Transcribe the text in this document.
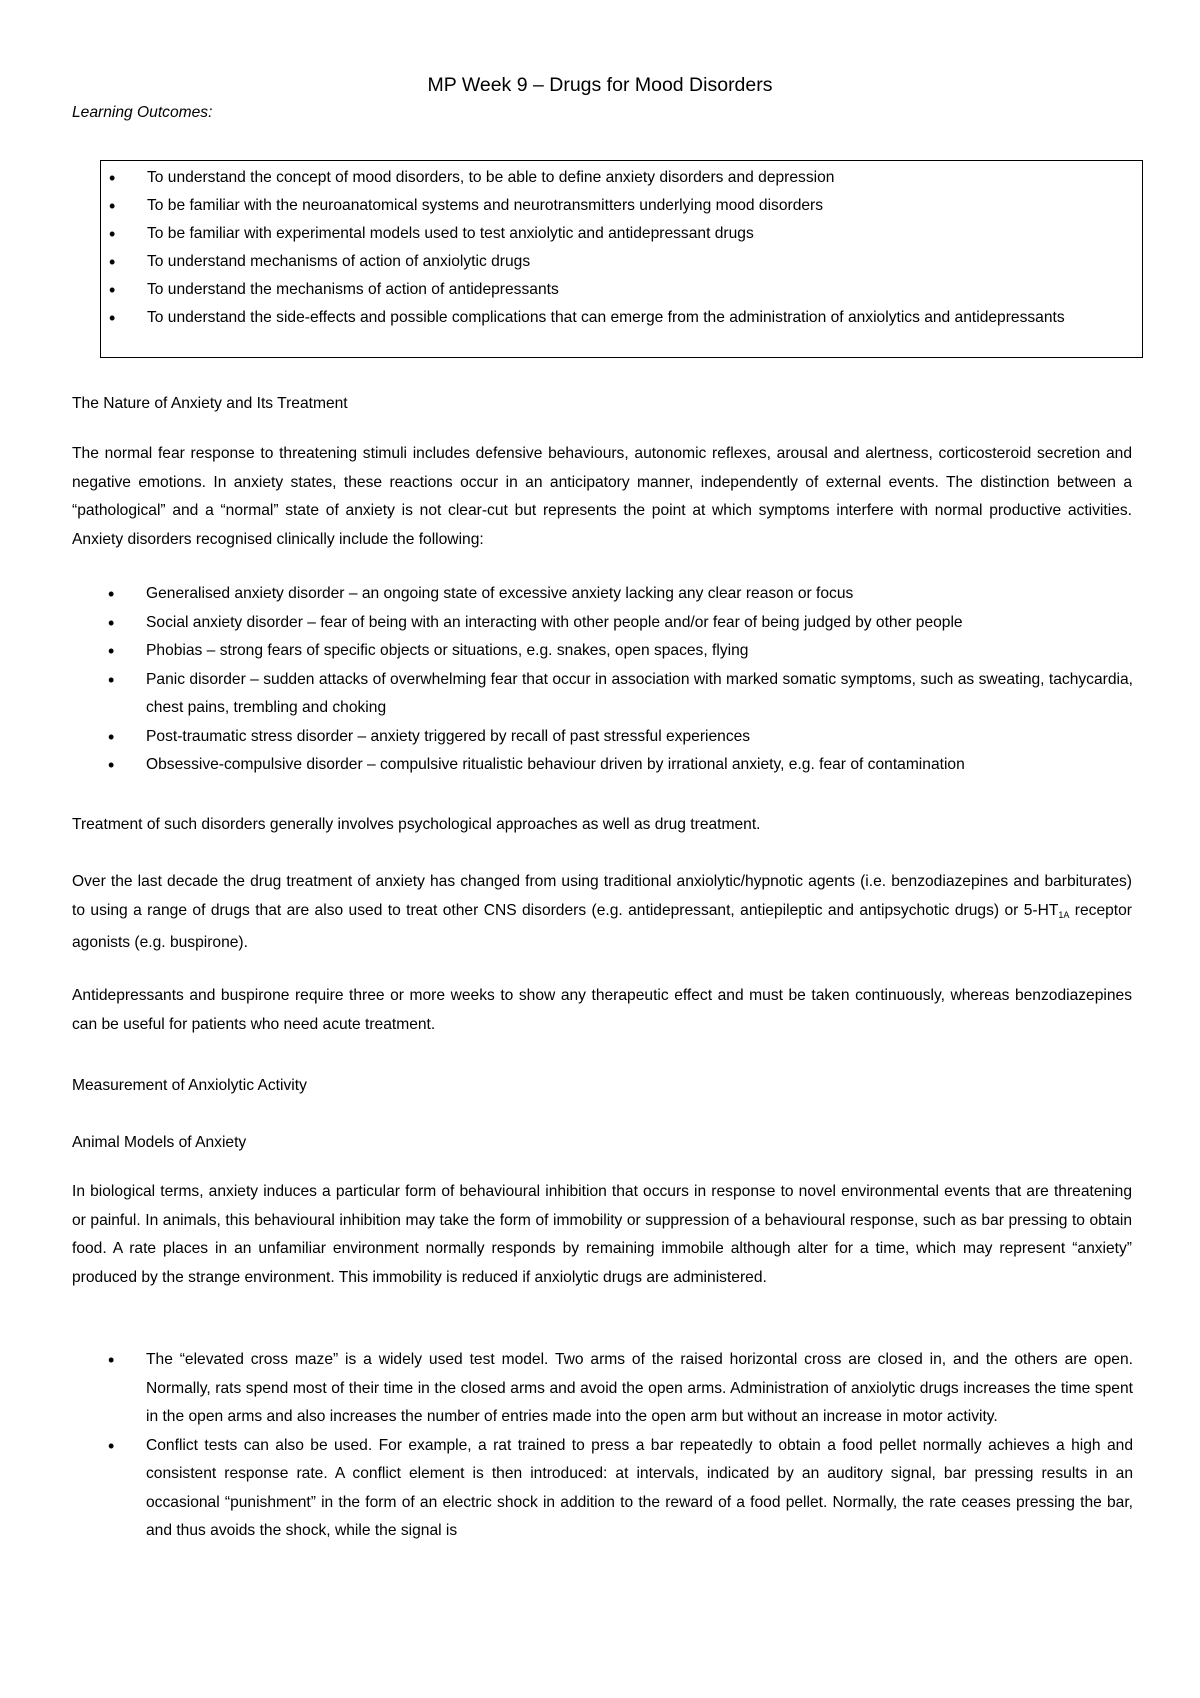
MP Week 9 – Drugs for Mood Disorders
Learning Outcomes:
• To understand the concept of mood disorders, to be able to define anxiety disorders and depression
• To be familiar with the neuroanatomical systems and neurotransmitters underlying mood disorders
• To be familiar with experimental models used to test anxiolytic and antidepressant drugs
• To understand mechanisms of action of anxiolytic drugs
• To understand the mechanisms of action of antidepressants
• To understand the side-effects and possible complications that can emerge from the administration of anxiolytics and antidepressants
The Nature of Anxiety and Its Treatment

The normal fear response to threatening stimuli includes defensive behaviours, autonomic reflexes, arousal and alertness, corticosteroid secretion and negative emotions. In anxiety states, these reactions occur in an anticipatory manner, independently of external events. The distinction between a “pathological” and a “normal” state of anxiety is not clear-cut but represents the point at which symptoms interfere with normal productive activities. Anxiety disorders recognised clinically include the following:

• Generalised anxiety disorder – an ongoing state of excessive anxiety lacking any clear reason or focus
• Social anxiety disorder – fear of being with an interacting with other people and/or fear of being judged by other people
• Phobias – strong fears of specific objects or situations, e.g. snakes, open spaces, flying
• Panic disorder – sudden attacks of overwhelming fear that occur in association with marked somatic symptoms, such as sweating, tachycardia, chest pains, trembling and choking
• Post-traumatic stress disorder – anxiety triggered by recall of past stressful experiences
• Obsessive-compulsive disorder – compulsive ritualistic behaviour driven by irrational anxiety, e.g. fear of contamination

Treatment of such disorders generally involves psychological approaches as well as drug treatment.

Over the last decade the drug treatment of anxiety has changed from using traditional anxiolytic/hypnotic agents (i.e. benzodiazepines and barbiturates) to using a range of drugs that are also used to treat other CNS disorders (e.g. antidepressant, antiepileptic and antipsychotic drugs) or $5-HT_{1A}$ receptor agonists (e.g. buspirone).

Antidepressants and buspirone require three or more weeks to show any therapeutic effect and must be taken continuously, whereas benzodiazepines can be useful for patients who need acute treatment.

Measurement of Anxiolytic Activity
Animal Models of Anxiety

In biological terms, anxiety induces a particular form of behavioural inhibition that occurs in response to novel environmental events that are threatening or painful. In animals, this behavioural inhibition may take the form of immobility or suppression of a behavioural response, such as bar pressing to obtain food. A rate places in an unfamiliar environment normally responds by remaining immobile although alter for a time, which may represent “anxiety” produced by the strange environment. This immobility is reduced if anxiolytic drugs are administered.

• The “elevated cross maze” is a widely used test model. Two arms of the raised horizontal cross are closed in, and the others are open. Normally, rats spend most of their time in the closed arms and avoid the open arms. Administration of anxiolytic drugs increases the time spent in the open arms and also increases the number of entries made into the open arm but without an increase in motor activity.
• Conflict tests can also be used. For example, a rat trained to press a bar repeatedly to obtain a food pellet normally achieves a high and consistent response rate. A conflict element is then introduced: at intervals, indicated by an auditory signal, bar pressing results in an occasional “punishment” in the form of an electric shock in addition to the reward of a food pellet. Normally, the rate ceases pressing the bar, and thus avoids the shock, while the signal is
